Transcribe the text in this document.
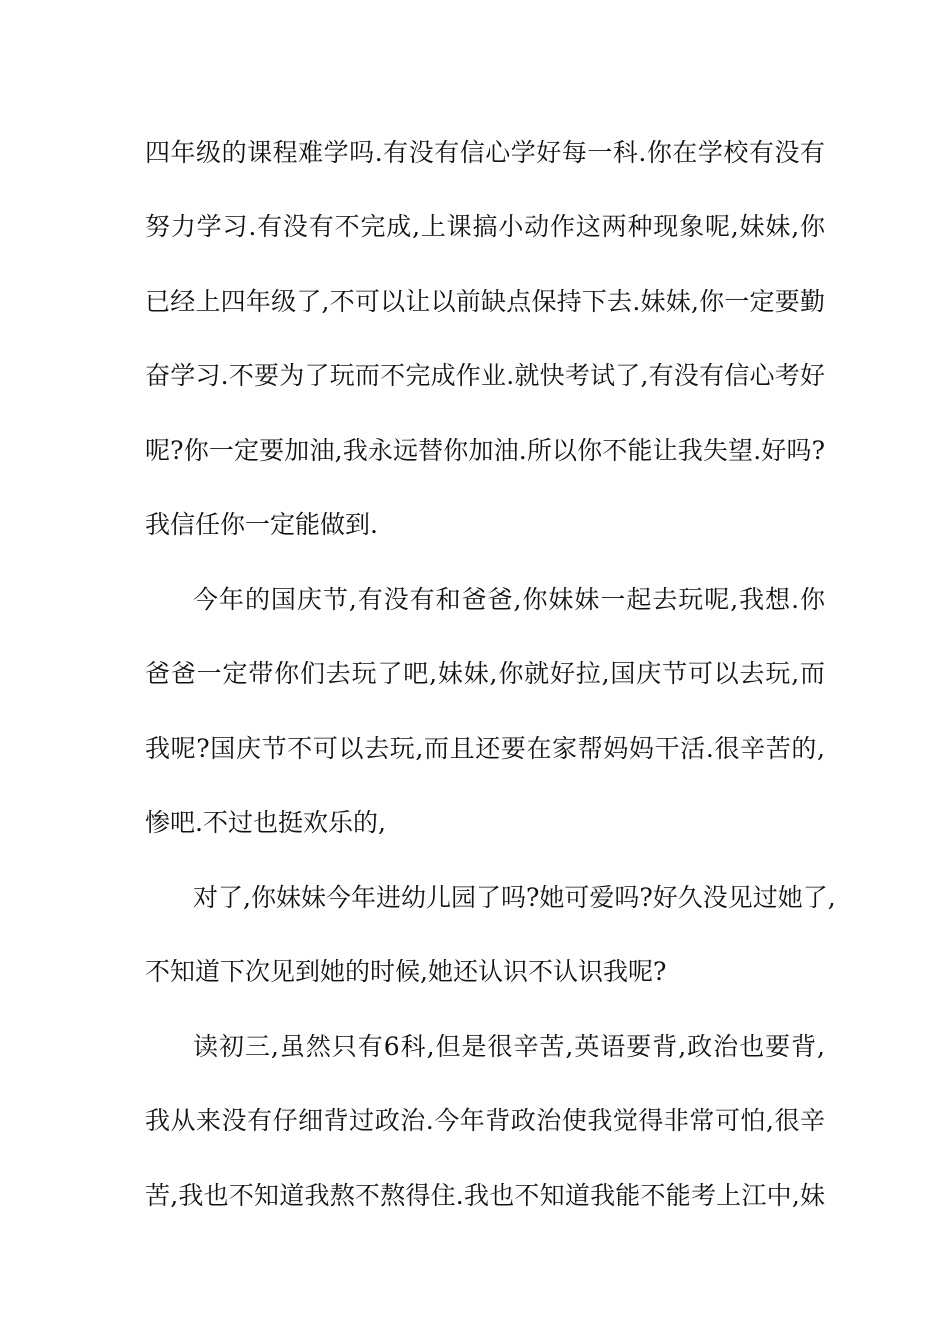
四年级的课程难学吗.有没有信心学好每一科.你在学校有没有
努力学习.有没有不完成,上课搞小动作这两种现象呢,妹妹,你
已经上四年级了,不可以让以前缺点保持下去.妹妹,你一定要勤
奋学习.不要为了玩而不完成作业.就快考试了,有没有信心考好
呢?你一定要加油,我永远替你加油.所以你不能让我失望.好吗?
我信任你一定能做到.
今年的国庆节,有没有和爸爸,你妹妹一起去玩呢,我想.你
爸爸一定带你们去玩了吧,妹妹,你就好拉,国庆节可以去玩,而
我呢?国庆节不可以去玩,而且还要在家帮妈妈干活.很辛苦的,
惨吧.不过也挺欢乐的,
对了,你妹妹今年进幼儿园了吗?她可爱吗?好久没见过她了,
不知道下次见到她的时候,她还认识不认识我呢?
读初三,虽然只有6科,但是很辛苦,英语要背,政治也要背,
我从来没有仔细背过政治.今年背政治使我觉得非常可怕,很辛
苦,我也不知道我熬不熬得住.我也不知道我能不能考上江中,妹
